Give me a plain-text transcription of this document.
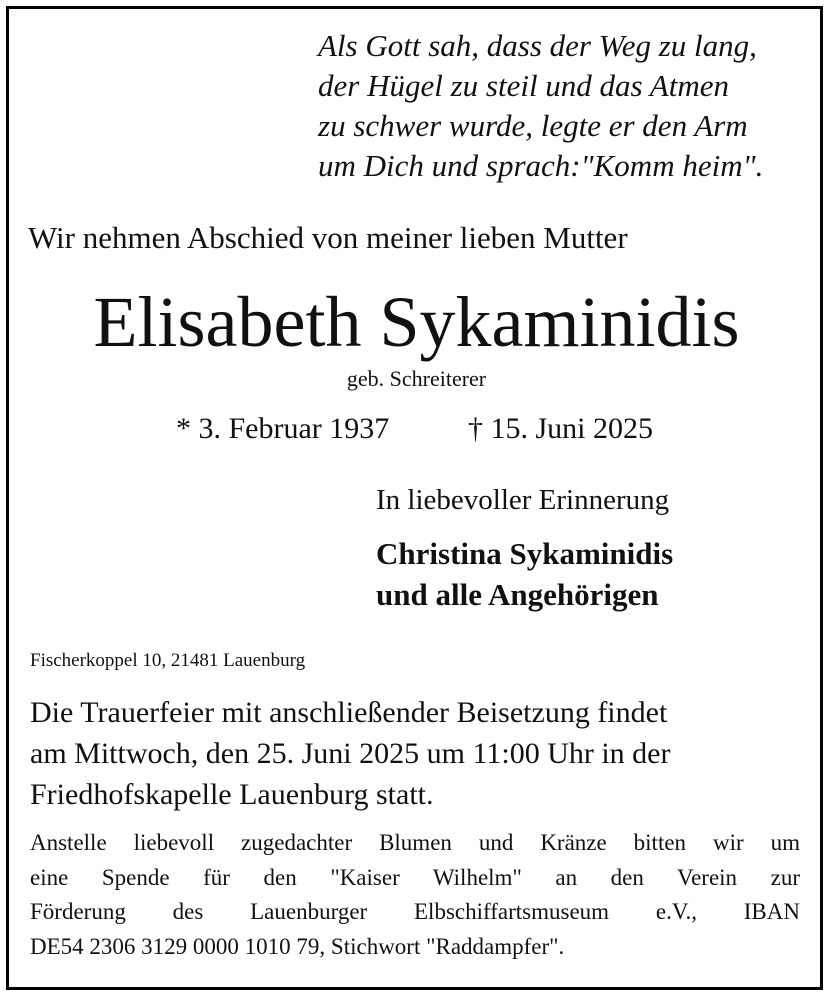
Als Gott sah, dass der Weg zu lang,
der Hügel zu steil und das Atmen
zu schwer wurde, legte er den Arm
um Dich und sprach:"Komm heim".
Wir nehmen Abschied von meiner lieben Mutter
Elisabeth Sykaminidis
geb. Schreiterer
* 3. Februar 1937	† 15. Juni 2025
In liebevoller Erinnerung
Christina Sykaminidis
und alle Angehörigen
Fischerkoppel 10, 21481 Lauenburg
Die Trauerfeier mit anschließender Beisetzung findet
am Mittwoch, den 25. Juni 2025 um 11:00 Uhr in der
Friedhofskapelle Lauenburg statt.
Anstelle liebevoll zugedachter Blumen und Kränze bitten wir um
eine Spende für den "Kaiser Wilhelm" an den Verein zur
Förderung des Lauenburger Elbschiffartsmuseum e.V., IBAN
DE54 2306 3129 0000 1010 79, Stichwort "Raddampfer".
